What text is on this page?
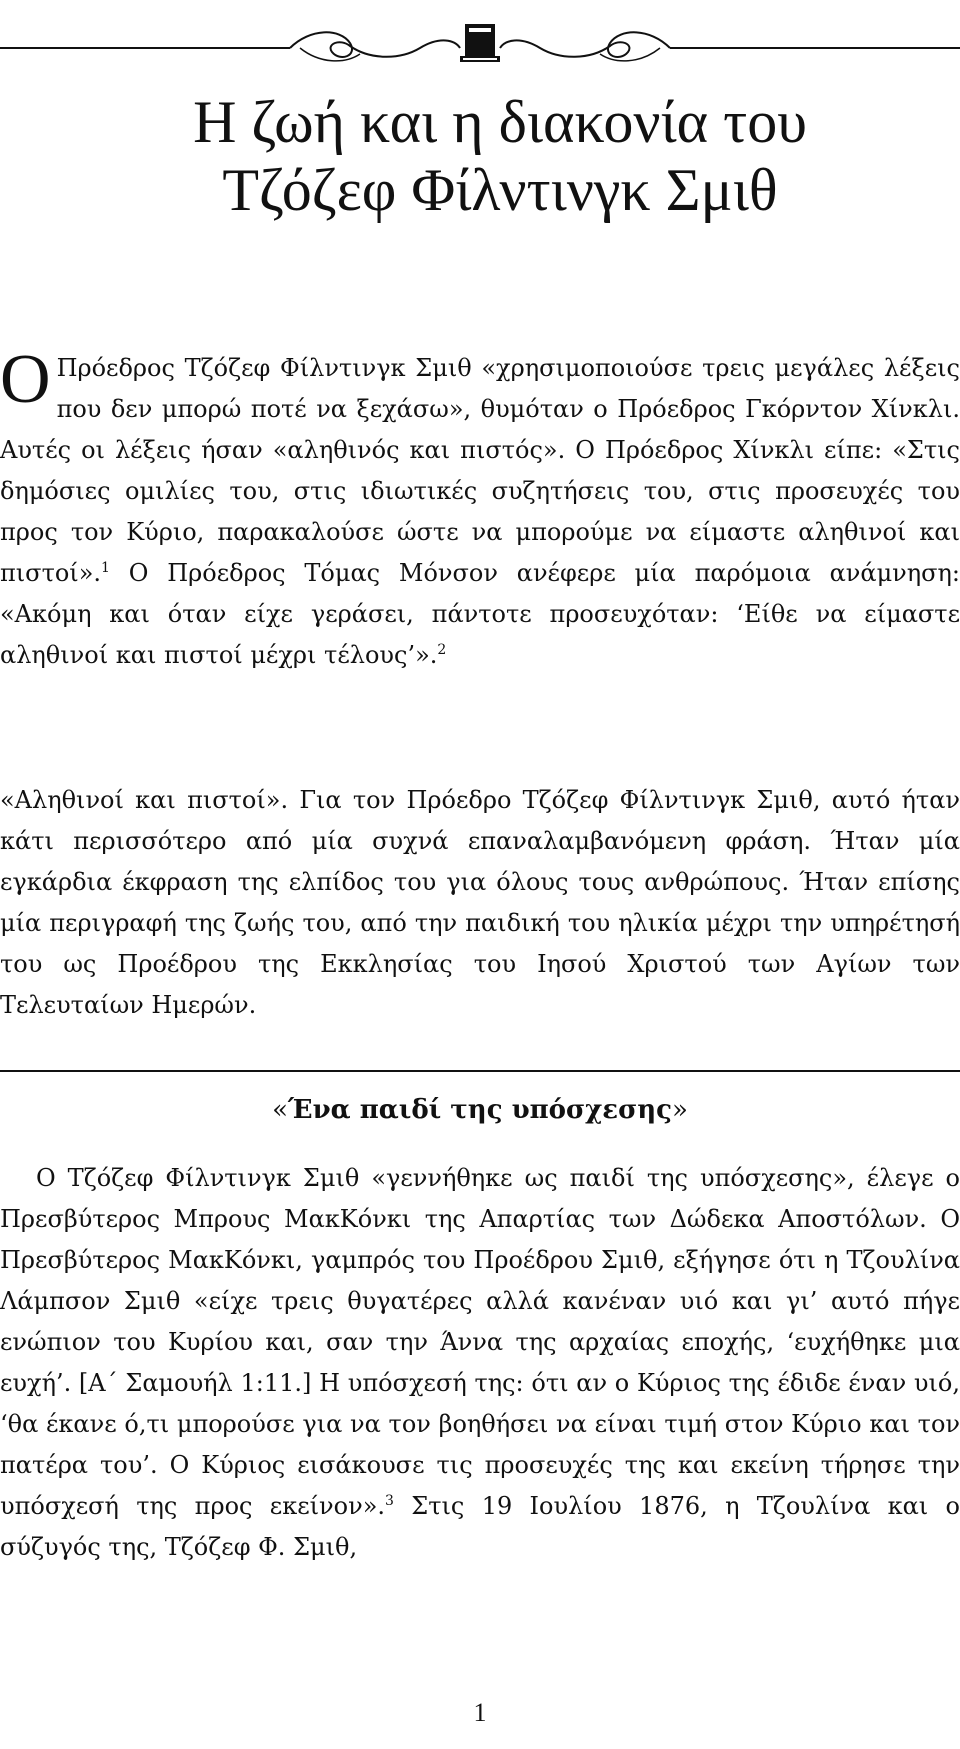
Η ζωή και η διακονία του
Τζόζεφ Φίλντινγκ Σμιθ

Ο Πρόεδρος Τζόζεφ Φίλντινγκ Σμιθ «χρησιμοποιούσε τρεις μεγάλες λέξεις που δεν μπορώ ποτέ να ξεχάσω», θυμόταν ο Πρόεδρος Γκόρντον Χίνκλι. Αυτές οι λέξεις ήσαν «αληθινός και πιστός». Ο Πρόεδρος Χίνκλι είπε: «Στις δημόσιες ομιλίες του, στις ιδιωτικές συζητήσεις του, στις προσευχές του προς τον Κύριο, παρακαλούσε ώστε να μπορούμε να είμαστε αληθινοί και πιστοί».$^1$ Ο Πρόεδρος Τόμας Μόνσον ανέφερε μία παρόμοια ανάμνηση: «Ακόμη και όταν είχε γεράσει, πάντοτε προσευχόταν: ‘Είθε να είμαστε αληθινοί και πιστοί μέχρι τέλους’».$^2$

«Αληθινοί και πιστοί». Για τον Πρόεδρο Τζόζεφ Φίλντινγκ Σμιθ, αυτό ήταν κάτι περισσότερο από μία συχνά επαναλαμβανόμενη φράση. Ήταν μία εγκάρδια έκφραση της ελπίδος του για όλους τους ανθρώπους. Ήταν επίσης μία περιγραφή της ζωής του, από την παιδική του ηλικία μέχρι την υπηρέτησή του ως Προέδρου της Εκκλησίας του Ιησού Χριστού των Αγίων των Τελευταίων Ημερών.

«Ένα παιδί της υπόσχεσης»

Ο Τζόζεφ Φίλντινγκ Σμιθ «γεννήθηκε ως παιδί της υπόσχεσης», έλεγε ο Πρεσβύτερος Μπρους ΜακΚόνκι της Απαρτίας των Δώδεκα Αποστόλων. Ο Πρεσβύτερος ΜακΚόνκι, γαμπρός του Προέδρου Σμιθ, εξήγησε ότι η Τζουλίνα Λάμπσον Σμιθ «είχε τρεις θυγατέρες αλλά κανέναν υιό και γι’ αυτό πήγε ενώπιον του Κυρίου και, σαν την Άννα της αρχαίας εποχής, ‘ευχήθηκε μια ευχή’. [Α΄ Σαμουήλ 1:11.] Η υπόσχεσή της: ότι αν ο Κύριος της έδιδε έναν υιό, ‘θα έκανε ό,τι μπορούσε για να τον βοηθήσει να είναι τιμή στον Κύριο και τον πατέρα του’. Ο Κύριος εισάκουσε τις προσευχές της και εκείνη τήρησε την υπόσχεσή της προς εκείνον».$^3$ Στις 19 Ιουλίου 1876, η Τζουλίνα και ο σύζυγός της, Τζόζεφ Φ. Σμιθ,

1
